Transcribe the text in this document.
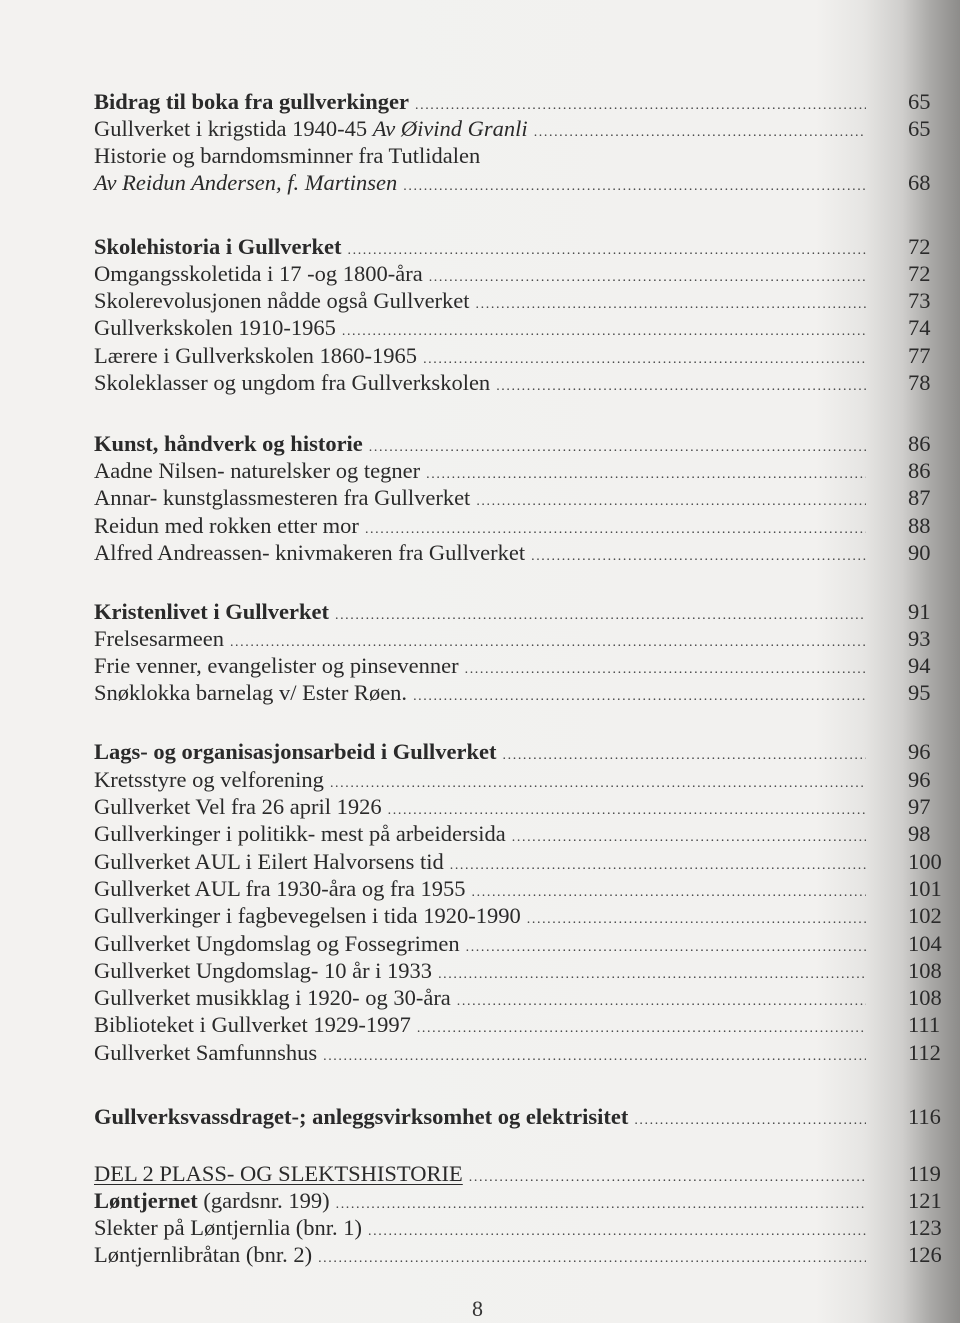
Bidrag til boka fra gullverkinger .....	65
Gullverket i krigstida 1940-45 Av Øivind Granli .....	65
Historie og barndomsminner fra Tutlidalen
Av Reidun Andersen, f. Martinsen .....	68
Skolehistoria i Gullverket .....	72
Omgangsskoletida i 17 -og 1800-åra .....	72
Skolerevolusjonen nådde også Gullverket .....	73
Gullverkskolen 1910-1965 .....	74
Lærere i Gullverkskolen 1860-1965 .....	77
Skoleklasser og ungdom fra Gullverkskolen .....	78
Kunst, håndverk og historie .....	86
Aadne Nilsen- naturelsker og tegner .....	86
Annar- kunstglassmesteren fra Gullverket .....	87
Reidun med rokken etter mor .....	88
Alfred Andreassen- knivmakeren fra Gullverket .....	90
Kristenlivet i Gullverket .....	91
Frelsesarmeen .....	93
Frie venner, evangelister og pinsevenner .....	94
Snøklokka barnelag v/ Ester Røen. .....	95
Lags- og organisasjonsarbeid i Gullverket .....	96
Kretsstyre og velforening .....	96
Gullverket Vel fra 26 april 1926 .....	97
Gullverkinger i politikk- mest på arbeidersida .....	98
Gullverket AUL i Eilert Halvorsens tid .....	100
Gullverket AUL fra 1930-åra og fra 1955 .....	101
Gullverkinger i fagbevegelsen i tida 1920-1990 .....	102
Gullverket Ungdomslag og Fossegrimen .....	104
Gullverket Ungdomslag- 10 år i 1933 .....	108
Gullverket musikklag i 1920- og 30-åra .....	108
Biblioteket i Gullverket 1929-1997 .....	111
Gullverket Samfunnshus .....	112
Gullverksvassdraget-; anleggsvirksomhet og elektrisitet .....	116
DEL 2 PLASS- OG SLEKTSHISTORIE .....	119
Løntjernet (gardsnr. 199) .....	121
Slekter på Løntjernlia (bnr. 1) .....	123
Løntjernlibråtan (bnr. 2) .....	126
8
